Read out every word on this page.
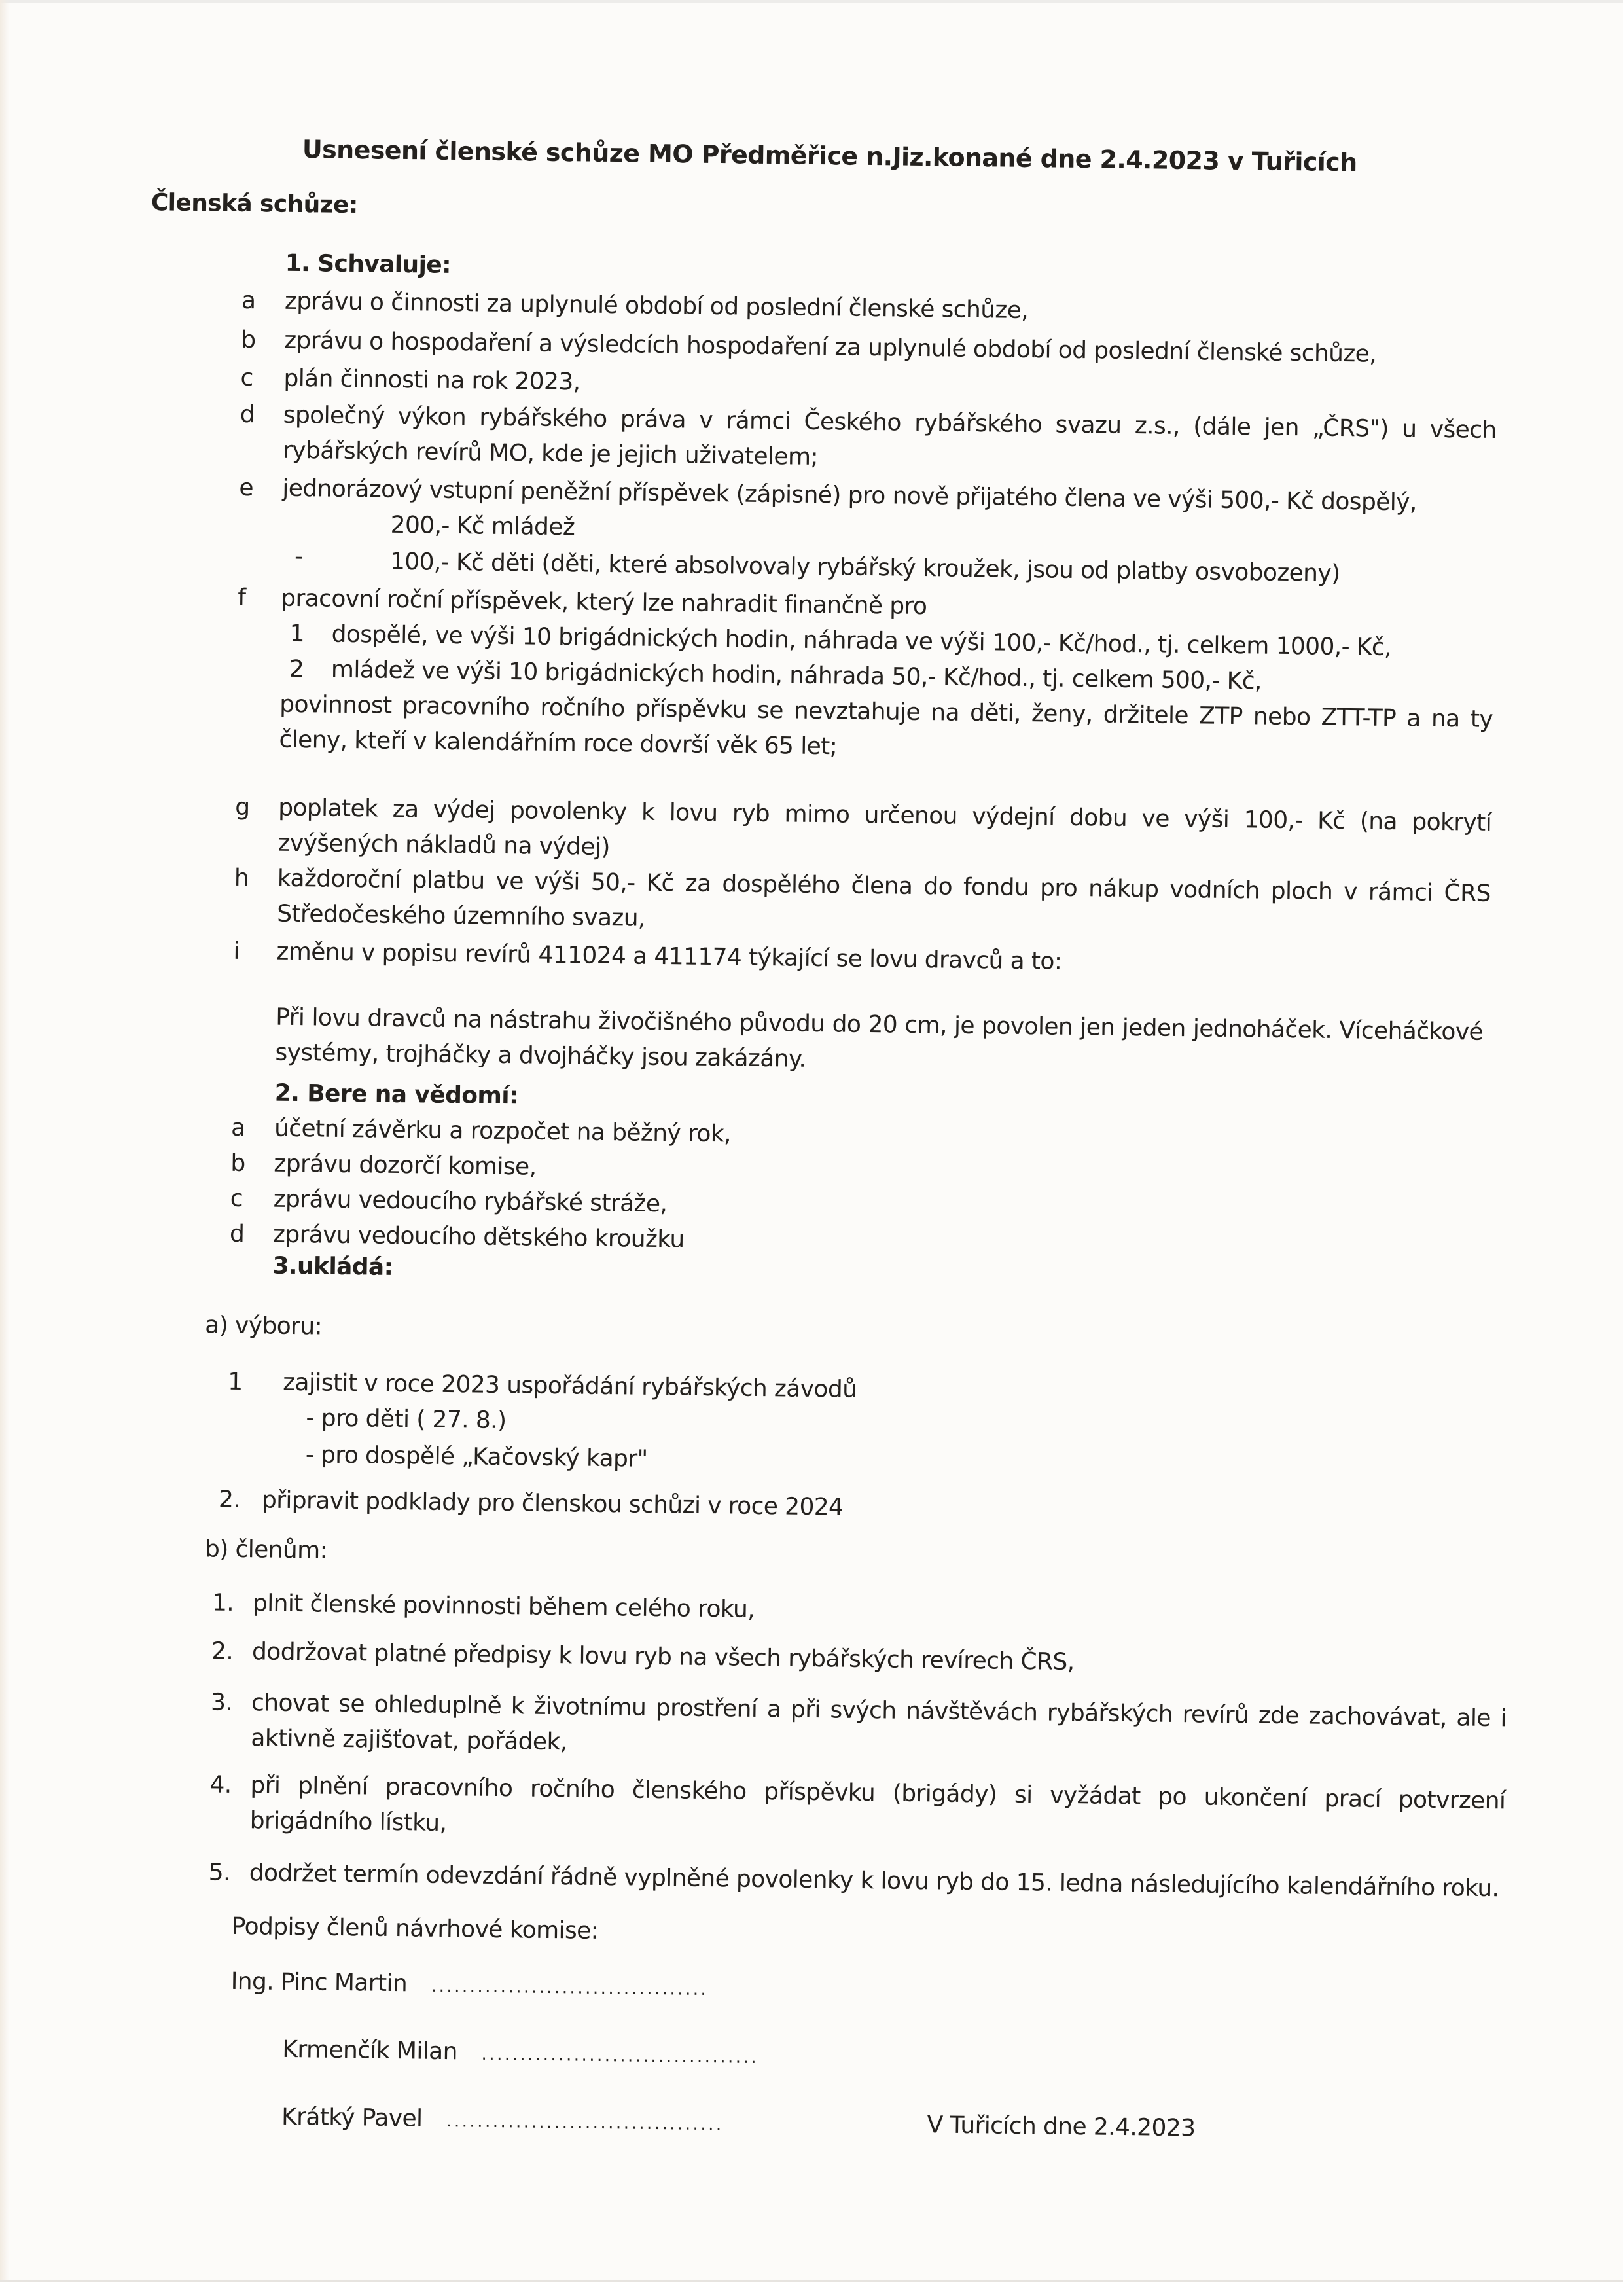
Usnesení členské schůze MO Předměřice n.Jiz.konané dne 2.4.2023 v Tuřicích
Členská schůze:
1. Schvaluje:
a zprávu o činnosti za uplynulé období od poslední členské schůze,
b zprávu o hospodaření a výsledcích hospodaření za uplynulé období od poslední členské schůze,
c plán činnosti na rok 2023,
d společný výkon rybářského práva v rámci Českého rybářského svazu z.s., (dále jen „ČRS") u všech rybářských revírů MO, kde je jejich uživatelem;
e jednorázový vstupní peněžní příspěvek (zápisné) pro nově přijatého člena ve výši 500,- Kč dospělý,
200,- Kč mládež
-	100,- Kč děti (děti, které absolvovaly rybářský kroužek, jsou od platby osvobozeny)
f pracovní roční příspěvek, který lze nahradit finančně pro
1 dospělé, ve výši 10 brigádnických hodin, náhrada ve výši 100,- Kč/hod., tj. celkem 1000,- Kč,
2 mládež ve výši 10 brigádnických hodin, náhrada 50,- Kč/hod., tj. celkem 500,- Kč,
povinnost pracovního ročního příspěvku se nevztahuje na děti, ženy, držitele ZTP nebo ZTT-TP a na ty členy, kteří v kalendářním roce dovrší věk 65 let;
g poplatek za výdej povolenky k lovu ryb mimo určenou výdejní dobu ve výši 100,- Kč (na pokrytí zvýšených nákladů na výdej)
h každoroční platbu ve výši 50,- Kč za dospělého člena do fondu pro nákup vodních ploch v rámci ČRS Středočeského územního svazu,
i změnu v popisu revírů 411024 a 411174 týkající se lovu dravců a to:
Při lovu dravců na nástrahu živočišného původu do 20 cm, je povolen jen jeden jednoháček. Víceháčkové systémy, trojháčky a dvojháčky jsou zakázány.
2. Bere na vědomí:
a účetní závěrku a rozpočet na běžný rok,
b zprávu dozorčí komise,
c zprávu vedoucího rybářské stráže,
d zprávu vedoucího dětského kroužku
3.ukládá:
a) výboru:
1 zajistit v roce 2023 uspořádání rybářských závodů
- pro děti ( 27. 8.)
- pro dospělé „Kačovský kapr"
2. připravit podklady pro členskou schůzi v roce 2024
b) členům:
1. plnit členské povinnosti během celého roku,
2. dodržovat platné předpisy k lovu ryb na všech rybářských revírech ČRS,
3. chovat se ohleduplně k životnímu prostření a při svých návštěvách rybářských revírů zde zachovávat, ale i aktivně zajišťovat, pořádek,
4. při plnění pracovního ročního členského příspěvku (brigády) si vyžádat po ukončení prací potvrzení brigádního lístku,
5. dodržet termín odevzdání řádně vyplněné povolenky k lovu ryb do 15. ledna následujícího kalendářního roku.
Podpisy členů návrhové komise:
Ing. Pinc Martin ....................................
Krmenčík Milan ....................................
Krátký Pavel ....................................	V Tuřicích dne 2.4.2023
